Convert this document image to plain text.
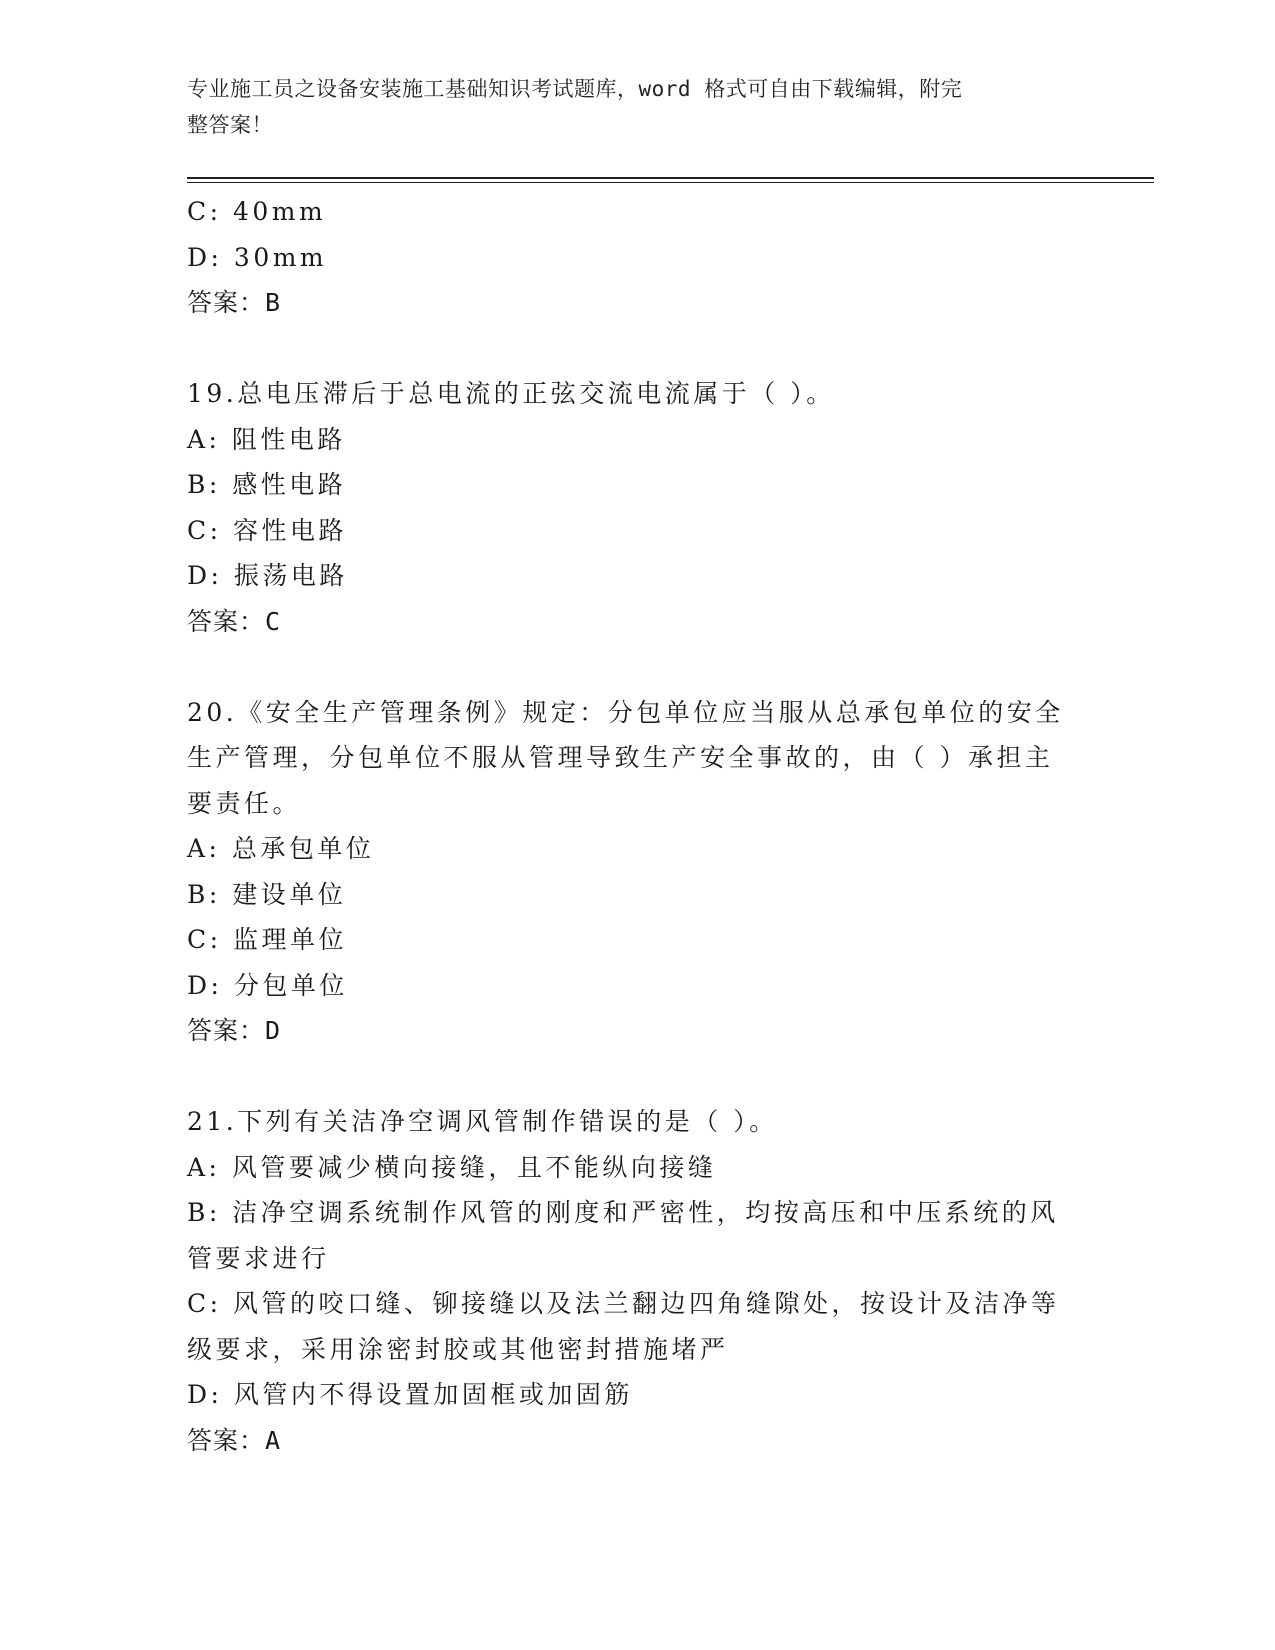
专业施工员之设备安装施工基础知识考试题库，word 格式可自由下载编辑，附完
整答案！

C: 40mm

D: 30mm

答案：B

19.总电压滞后于总电流的正弦交流电流属于（ ）。

A: 阻性电路

B: 感性电路

C: 容性电路

D: 振荡电路

答案：C

20.《安全生产管理条例》规定：分包单位应当服从总承包单位的安全

生产管理，分包单位不服从管理导致生产安全事故的，由（ ）承担主

要责任。

A: 总承包单位

B: 建设单位

C: 监理单位

D: 分包单位

答案：D

21.下列有关洁净空调风管制作错误的是（ ）。

A: 风管要减少横向接缝，且不能纵向接缝

B: 洁净空调系统制作风管的刚度和严密性，均按高压和中压系统的风

管要求进行

C: 风管的咬口缝、铆接缝以及法兰翻边四角缝隙处，按设计及洁净等

级要求，采用涂密封胶或其他密封措施堵严

D: 风管内不得设置加固框或加固筋

答案：A
